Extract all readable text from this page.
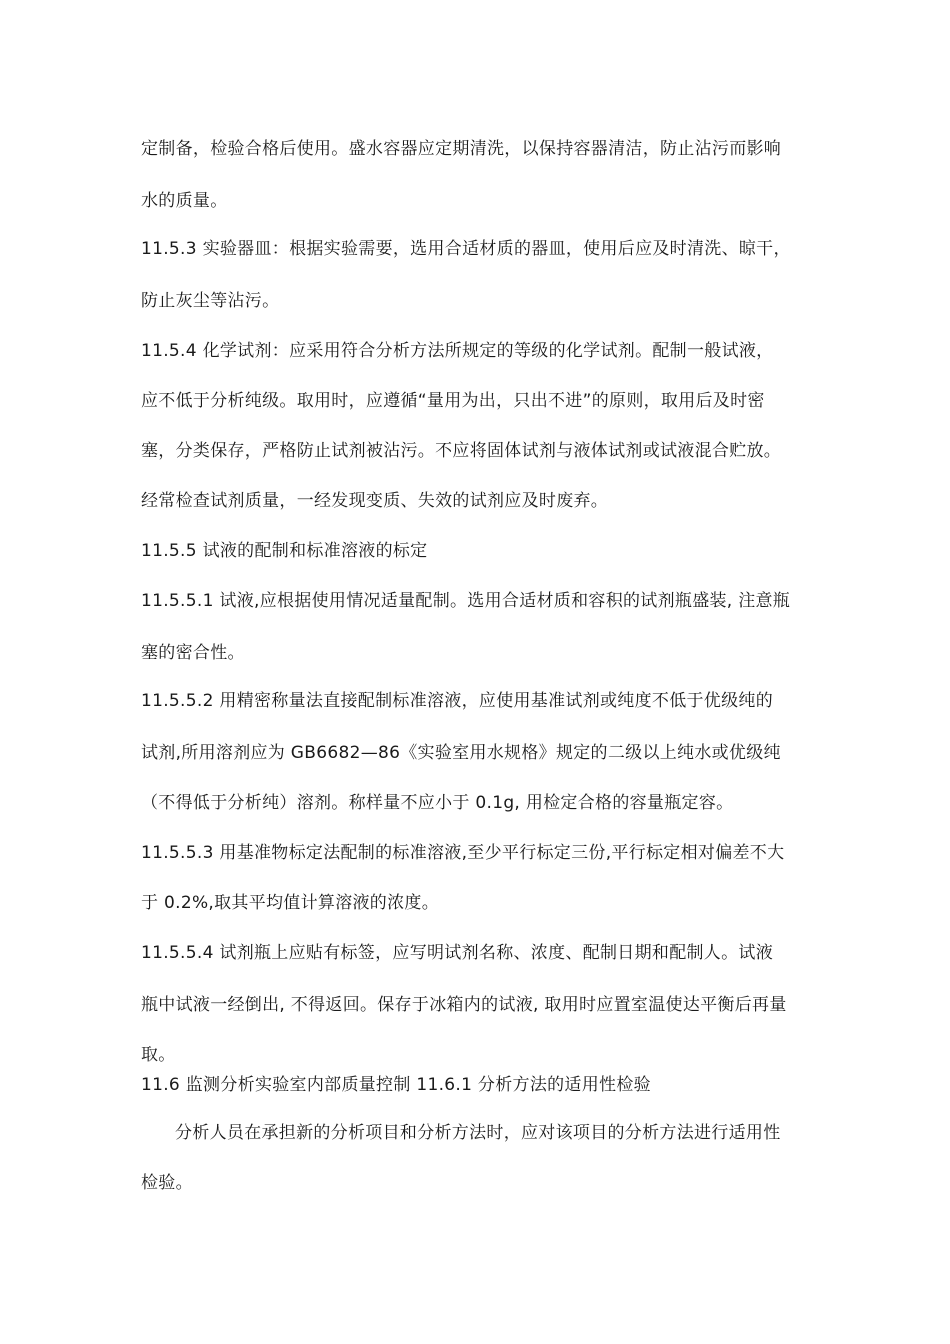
定制备，检验合格后使用。盛水容器应定期清洗，以保持容器清洁，防止沾污而影响
水的质量。
11.5.3 实验器皿：根据实验需要，选用合适材质的器皿，使用后应及时清洗、晾干，
防止灰尘等沾污。
11.5.4 化学试剂：应采用符合分析方法所规定的等级的化学试剂。配制一般试液，
应不低于分析纯级。取用时，应遵循“量用为出，只出不进”的原则，取用后及时密
塞，分类保存，严格防止试剂被沾污。不应将固体试剂与液体试剂或试液混合贮放。
经常检查试剂质量，一经发现变质、失效的试剂应及时废弃。
11.5.5 试液的配制和标准溶液的标定
11.5.5.1 试液,应根据使用情况适量配制。选用合适材质和容积的试剂瓶盛装, 注意瓶
塞的密合性。
11.5.5.2 用精密称量法直接配制标准溶液，应使用基准试剂或纯度不低于优级纯的
试剂,所用溶剂应为 GB6682—86《实验室用水规格》规定的二级以上纯水或优级纯
（不得低于分析纯）溶剂。称样量不应小于 0.1g, 用检定合格的容量瓶定容。
11.5.5.3 用基准物标定法配制的标准溶液,至少平行标定三份,平行标定相对偏差不大
于 0.2%,取其平均值计算溶液的浓度。
11.5.5.4 试剂瓶上应贴有标签，应写明试剂名称、浓度、配制日期和配制人。试液
瓶中试液一经倒出, 不得返回。保存于冰箱内的试液, 取用时应置室温使达平衡后再量
取。
11.6 监测分析实验室内部质量控制 11.6.1 分析方法的适用性检验
分析人员在承担新的分析项目和分析方法时，应对该项目的分析方法进行适用性
检验。
